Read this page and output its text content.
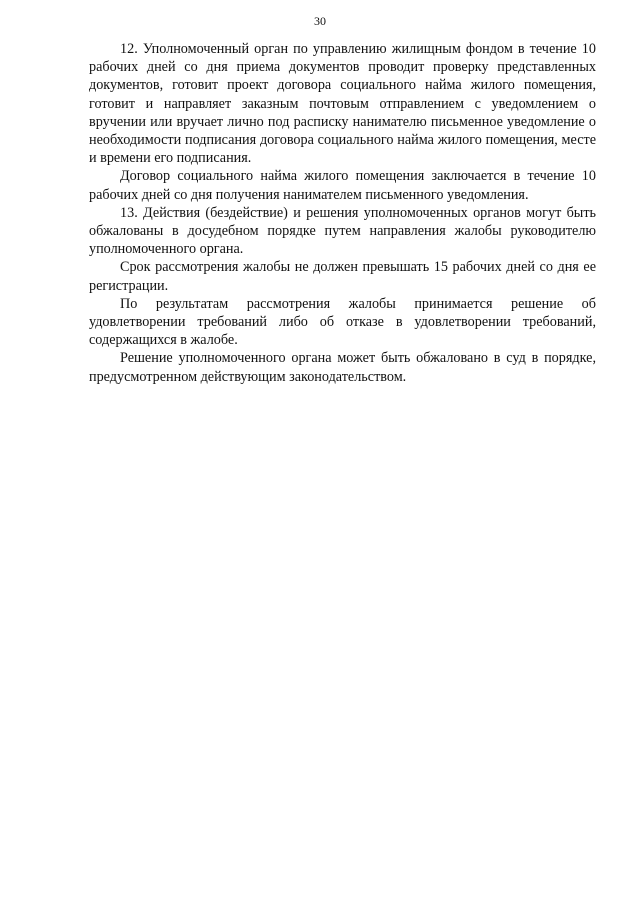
30

12. Уполномоченный орган по управлению жилищным фондом в течение 10 рабочих дней со дня приема документов проводит проверку представленных документов, готовит проект договора социального найма жилого помещения, готовит и направляет заказным почтовым отправлением с уведомлением о вручении или вручает лично под расписку нанимателю письменное уведомление о необходимости подписания договора социального найма жилого помещения, месте и времени его подписания.

Договор социального найма жилого помещения заключается в течение 10 рабочих дней со дня получения нанимателем письменного уведомления.

13. Действия (бездействие) и решения уполномоченных органов могут быть обжалованы в досудебном порядке путем направления жалобы руководителю уполномоченного органа.

Срок рассмотрения жалобы не должен превышать 15 рабочих дней со дня ее регистрации.

По результатам рассмотрения жалобы принимается решение об удовлетворении требований либо об отказе в удовлетворении требований, содержащихся в жалобе.

Решение уполномоченного органа может быть обжаловано в суд в порядке, предусмотренном действующим законодательством.
